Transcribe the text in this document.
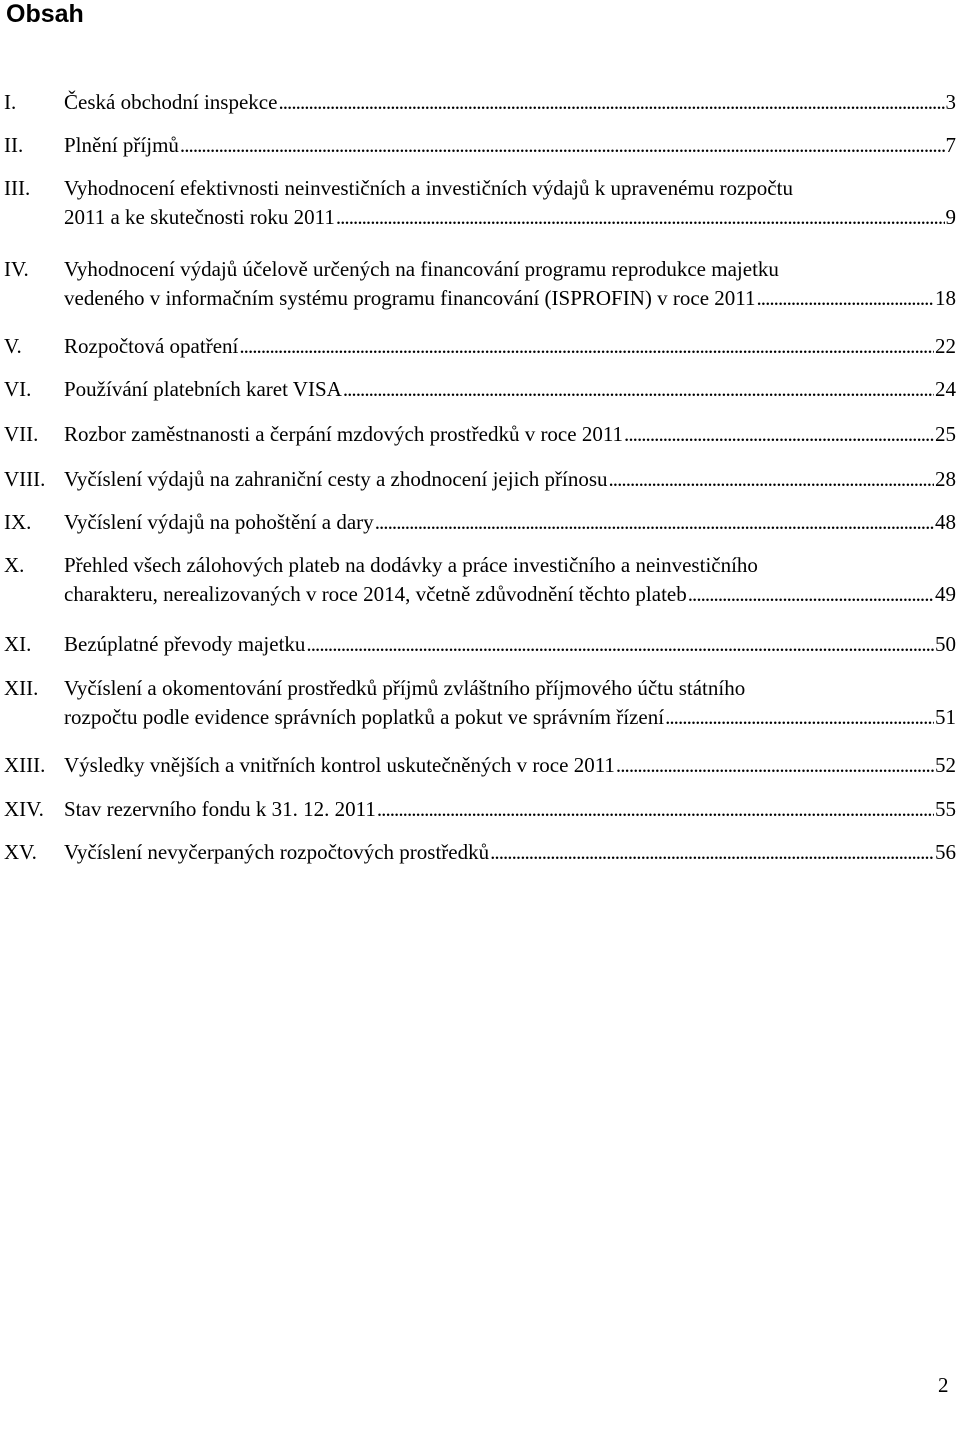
Obsah
I. Česká obchodní inspekce . . .	3
II. Plnění příjmů . . .	7
III. Vyhodnocení efektivnosti neinvestičních a investičních výdajů k upravenému rozpočtu
2011 a ke skutečnosti roku 2011 . . .	9
IV. Vyhodnocení výdajů účelově určených na financování programu reprodukce majetku
vedeného v informačním systému programu financování (ISPROFIN) v roce 2011 . . .	18
V. Rozpočtová opatření . . .	22
VI. Používání platebních karet VISA . . .	24
VII. Rozbor zaměstnanosti a čerpání mzdových prostředků v roce 2011 . . .	25
VIII. Vyčíslení výdajů na zahraniční cesty a zhodnocení jejich přínosu . . .	28
IX. Vyčíslení výdajů na pohoštění a dary . . .	48
X. Přehled všech zálohových plateb na dodávky a práce investičního a neinvestičního
charakteru, nerealizovaných v roce 2014, včetně zdůvodnění těchto plateb . . .	49
XI. Bezúplatné převody majetku . . .	50
XII. Vyčíslení a okomentování prostředků příjmů zvláštního příjmového účtu státního
rozpočtu podle evidence správních poplatků a pokut ve správním řízení . . .	51
XIII. Výsledky vnějších a vnitřních kontrol uskutečněných v roce 2011 . . .	52
XIV. Stav rezervního fondu k 31. 12. 2011 . . .	55
XV. Vyčíslení nevyčerpaných rozpočtových prostředků . . .	56
2
